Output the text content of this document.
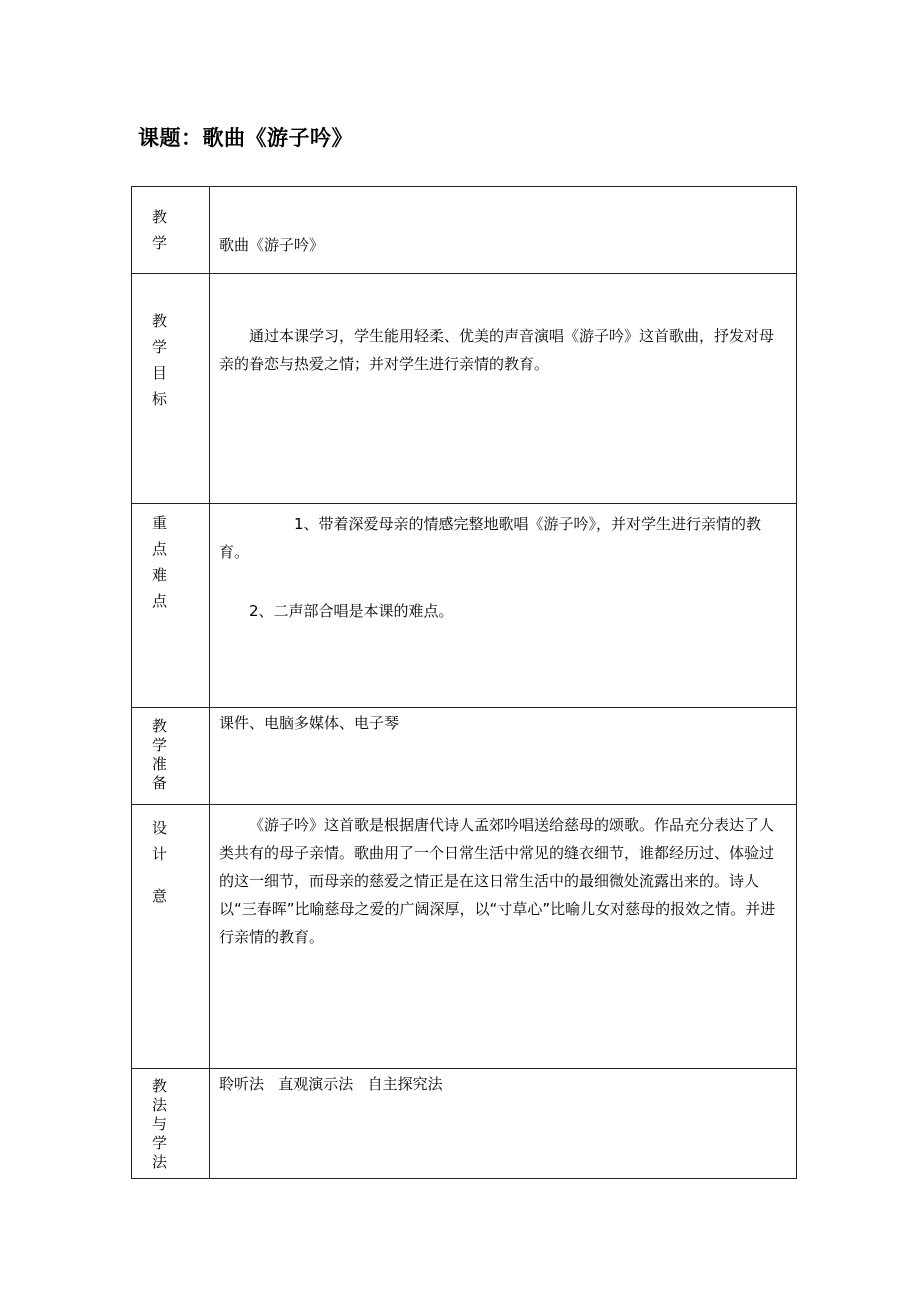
课题：歌曲《游子吟》
教学	歌曲《游子吟》

教学目标	通过本课学习，学生能用轻柔、优美的声音演唱《游子吟》这首歌曲，抒发对母亲的眷恋与热爱之情；并对学生进行亲情的教育。

重点难点	1、带着深爱母亲的情感完整地歌唱《游子吟》，并对学生进行亲情的教育。
2、二声部合唱是本课的难点。

教学准备	课件、电脑多媒体、电子琴

设计
意	《游子吟》这首歌是根据唐代诗人孟郊吟唱送给慈母的颂歌。作品充分表达了人类共有的母子亲情。歌曲用了一个日常生活中常见的缝衣细节，谁都经历过、体验过的这一细节，而母亲的慈爱之情正是在这日常生活中的最细微处流露出来的。诗人以“三春晖”比喻慈母之爱的广阔深厚，以“寸草心”比喻儿女对慈母的报效之情。并进行亲情的教育。

教法与学法	聆听法   直观演示法   自主探究法
